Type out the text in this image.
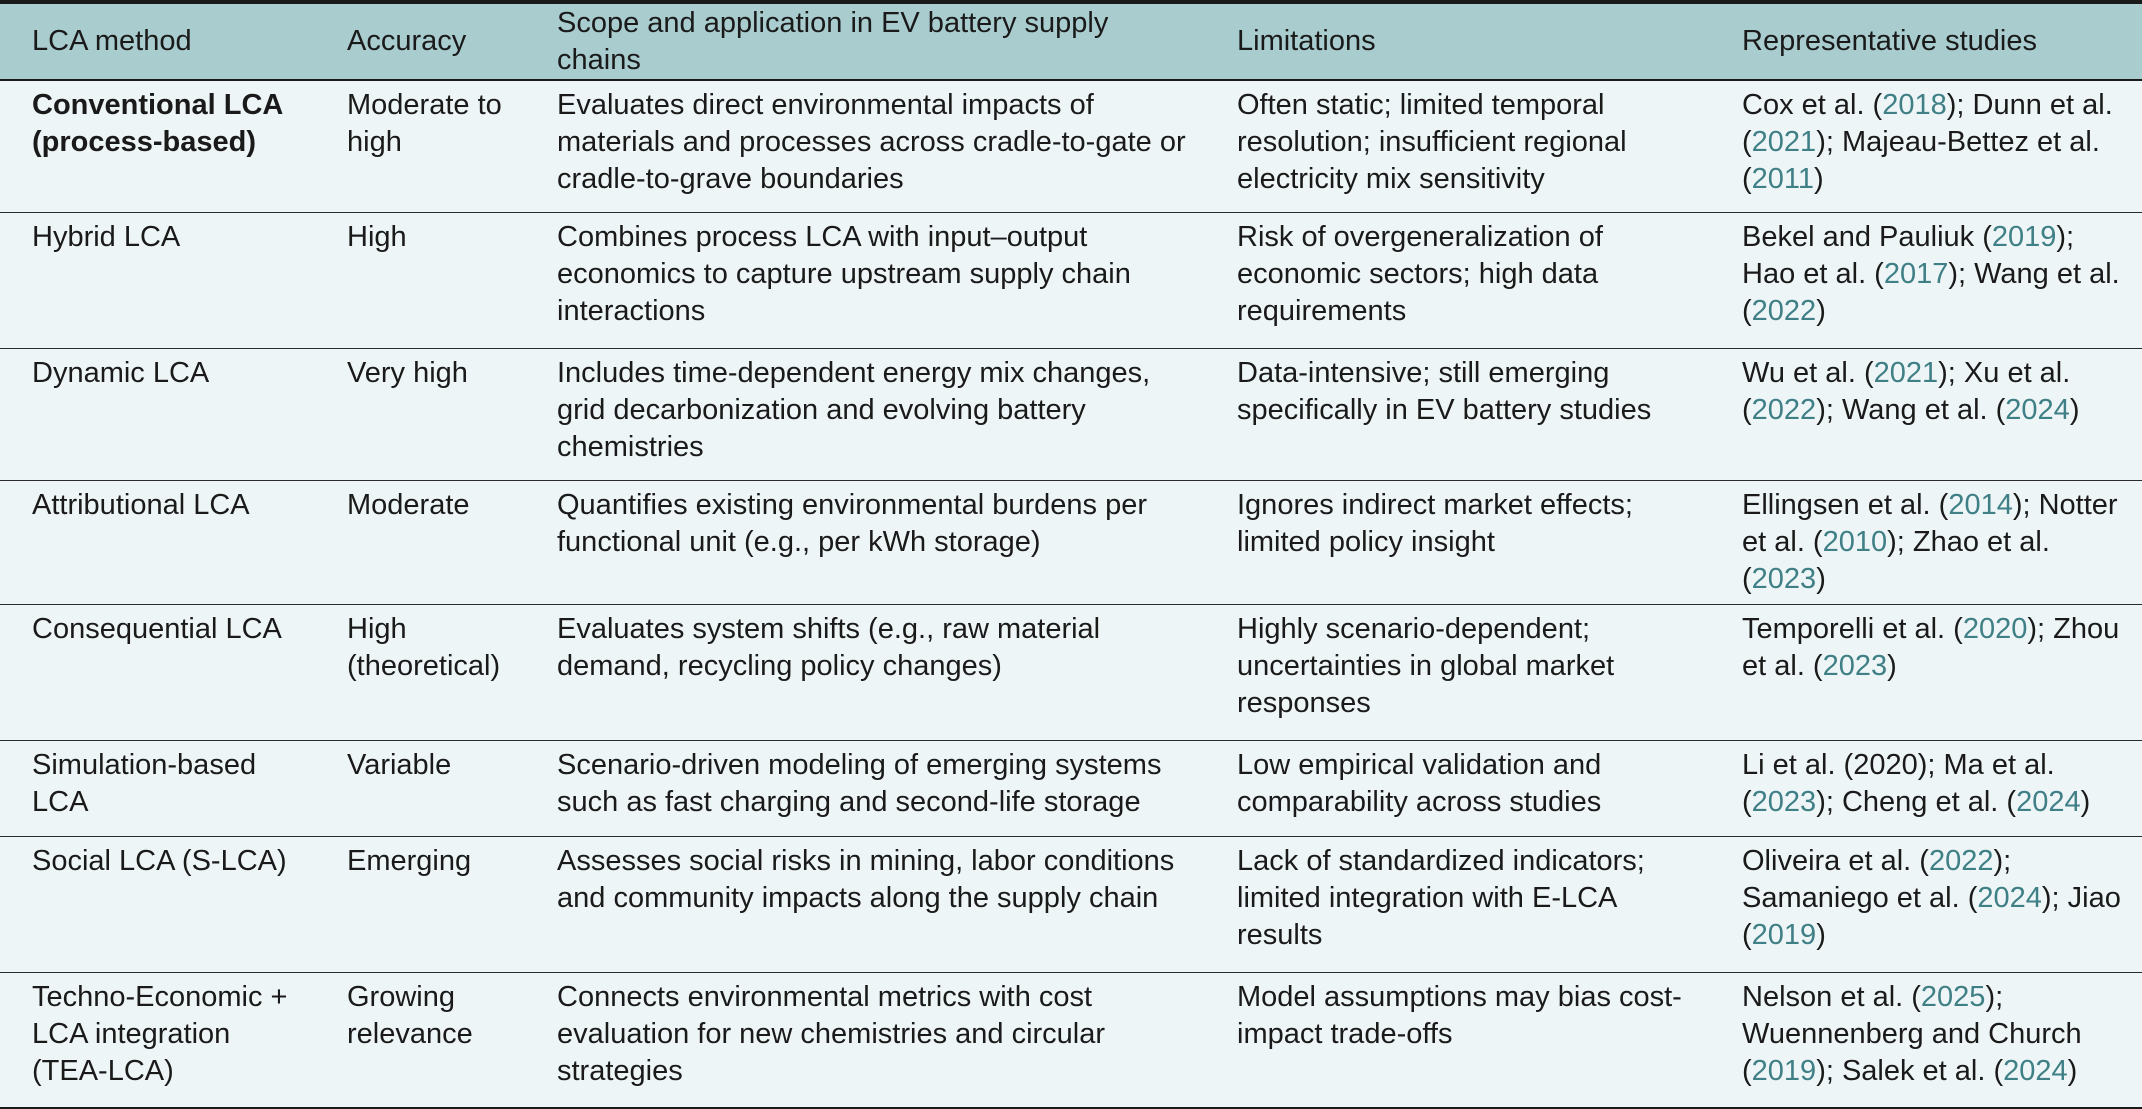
LCA method	Accuracy	Scope and application in EV battery supply chains	Limitations	Representative studies
Conventional LCA (process-based)	Moderate to high	Evaluates direct environmental impacts of materials and processes across cradle-to-gate or cradle-to-grave boundaries	Often static; limited temporal resolution; insufficient regional electricity mix sensitivity	Cox et al. (2018); Dunn et al. (2021); Majeau-Bettez et al. (2011)
Hybrid LCA	High	Combines process LCA with input–output economics to capture upstream supply chain interactions	Risk of overgeneralization of economic sectors; high data requirements	Bekel and Pauliuk (2019); Hao et al. (2017); Wang et al. (2022)
Dynamic LCA	Very high	Includes time-dependent energy mix changes, grid decarbonization and evolving battery chemistries	Data-intensive; still emerging specifically in EV battery studies	Wu et al. (2021); Xu et al. (2022); Wang et al. (2024)
Attributional LCA	Moderate	Quantifies existing environmental burdens per functional unit (e.g., per kWh storage)	Ignores indirect market effects; limited policy insight	Ellingsen et al. (2014); Notter et al. (2010); Zhao et al. (2023)
Consequential LCA	High (theoretical)	Evaluates system shifts (e.g., raw material demand, recycling policy changes)	Highly scenario-dependent; uncertainties in global market responses	Temporelli et al. (2020); Zhou et al. (2023)
Simulation-based LCA	Variable	Scenario-driven modeling of emerging systems such as fast charging and second-life storage	Low empirical validation and comparability across studies	Li et al. (2020); Ma et al. (2023); Cheng et al. (2024)
Social LCA (S-LCA)	Emerging	Assesses social risks in mining, labor conditions and community impacts along the supply chain	Lack of standardized indicators; limited integration with E-LCA results	Oliveira et al. (2022); Samaniego et al. (2024); Jiao (2019)
Techno-Economic + LCA integration (TEA-LCA)	Growing relevance	Connects environmental metrics with cost evaluation for new chemistries and circular strategies	Model assumptions may bias cost-impact trade-offs	Nelson et al. (2025); Wuennenberg and Church (2019); Salek et al. (2024)
